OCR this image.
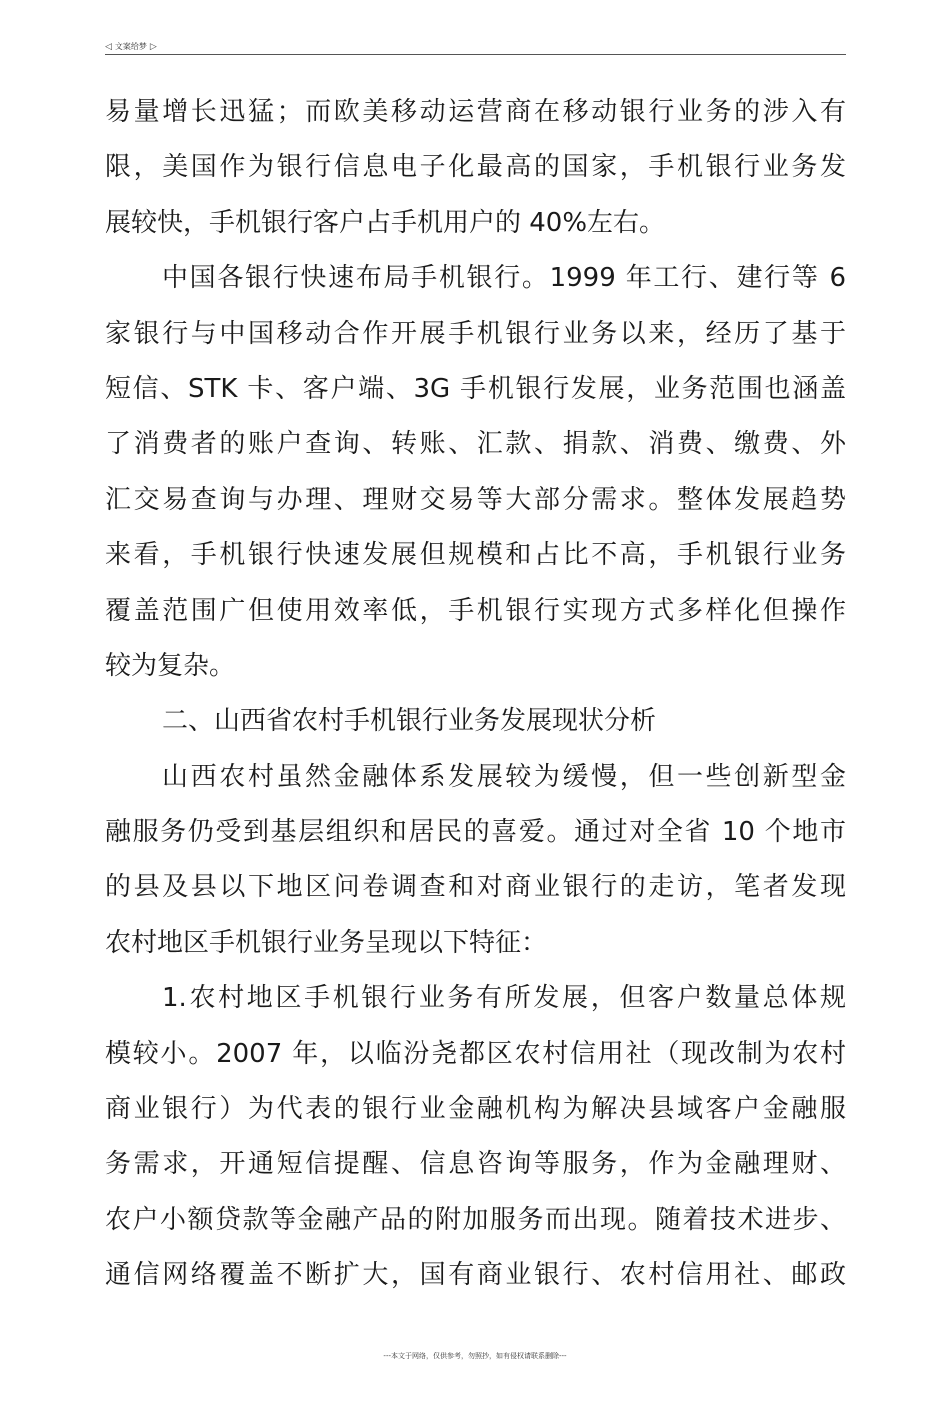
◁ 文案给梦 ▷
易量增长迅猛；而欧美移动运营商在移动银行业务的涉入有
限，美国作为银行信息电子化最高的国家，手机银行业务发
展较快，手机银行客户占手机用户的 40%左右。
中国各银行快速布局手机银行。1999 年工行、建行等 6
家银行与中国移动合作开展手机银行业务以来，经历了基于
短信、STK 卡、客户端、3G 手机银行发展，业务范围也涵盖
了消费者的账户查询、转账、汇款、捐款、消费、缴费、外
汇交易查询与办理、理财交易等大部分需求。整体发展趋势
来看，手机银行快速发展但规模和占比不高，手机银行业务
覆盖范围广但使用效率低，手机银行实现方式多样化但操作
较为复杂。
二、山西省农村手机银行业务发展现状分析
山西农村虽然金融体系发展较为缓慢，但一些创新型金
融服务仍受到基层组织和居民的喜爱。通过对全省 10 个地市
的县及县以下地区问卷调查和对商业银行的走访，笔者发现
农村地区手机银行业务呈现以下特征：
1.农村地区手机银行业务有所发展，但客户数量总体规
模较小。2007 年，以临汾尧都区农村信用社（现改制为农村
商业银行）为代表的银行业金融机构为解决县域客户金融服
务需求，开通短信提醒、信息咨询等服务，作为金融理财、
农户小额贷款等金融产品的附加服务而出现。随着技术进步、
通信网络覆盖不断扩大，国有商业银行、农村信用社、邮政
---本文于网络，仅供参考，勿照抄，如有侵权请联系删除---
